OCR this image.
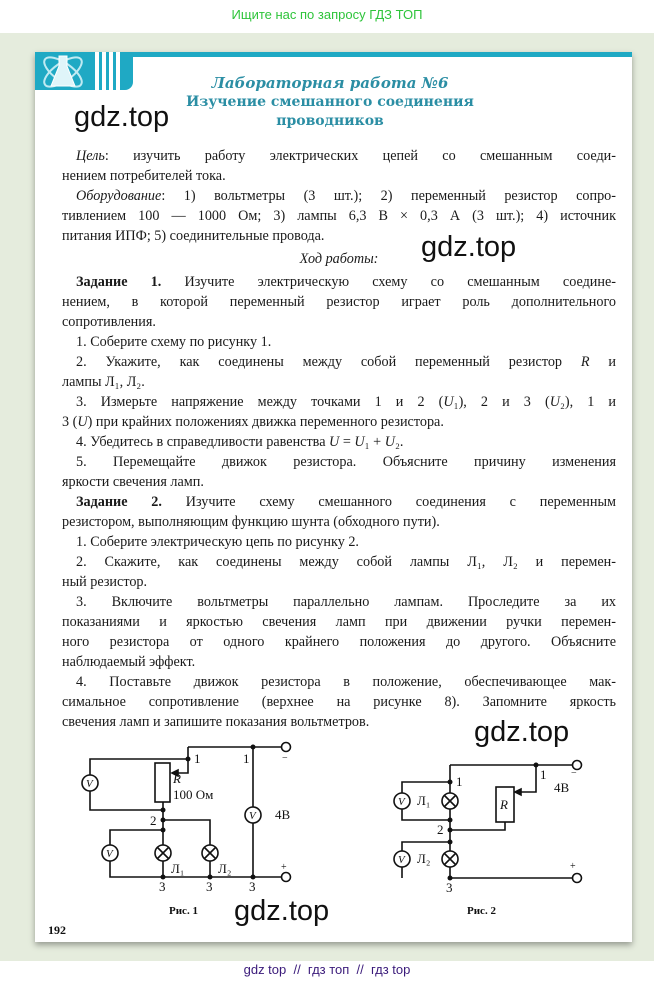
Ищите нас по запросу ГДЗ ТОП
Лабораторная работа №6
Изучение смешанного соединения
проводников
Цель: изучить работу электрических цепей со смешанным соеди-
нением потребителей тока.
Оборудование: 1) вольтметры (3 шт.); 2) переменный резистор сопро-
тивлением 100 — 1000 Ом; 3) лампы 6,3 В × 0,3 А (3 шт.); 4) источник
питания ИПФ; 5) соединительные провода.
Ход работы:
Задание 1. Изучите электрическую схему со смешанным соедине-
нением, в которой переменный резистор играет роль дополнительного
сопротивления.
1. Соберите схему по рисунку 1.
2. Укажите, как соединены между собой переменный резистор R и
лампы Л₁, Л₂.
3. Измерьте напряжение между точками 1 и 2 (U₁), 2 и 3 (U₂), 1 и
3 (U) при крайних положениях движка переменного резистора.
4. Убедитесь в справедливости равенства U = U₁ + U₂.
5. Перемещайте движок резистора. Объясните причину изменения
яркости свечения ламп.
Задание 2. Изучите схему смешанного соединения с переменным
резистором, выполняющим функцию шунта (обходного пути).
1. Соберите электрическую цепь по рисунку 2.
2. Скажите, как соединены между собой лампы Л₁, Л₂ и перемен-
ный резистор.
3. Включите вольтметры параллельно лампам. Проследите за их
показаниями и яркостью свечения ламп при движении ручки перемен-
ного резистора от одного крайнего положения до другого. Объясните
наблюдаемый эффект.
4. Поставьте движок резистора в положение, обеспечивающее мак-
симальное сопротивление (верхнее на рисунке 8). Запомните яркость
свечения ламп и запишите показания вольтметров.
V
V
V
1	1
R
100 Ом
2	4В
Л₁	Л₂
3	3	3
−
+
Рис. 1
V
V
Л₁
Л₂
1	1
2
3
R
4В
−
+
Рис. 2
192
gdz.top
gdz.top
gdz.top
gdz.top
gdz top  //  гдз топ  //  гдз top
